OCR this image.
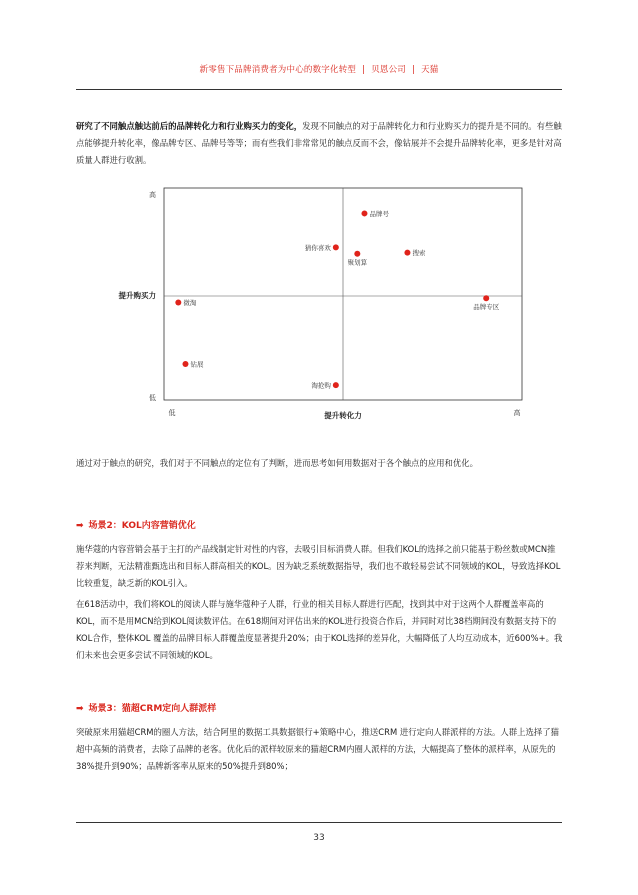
新零售下品牌消费者为中心的数字化转型 | 贝恩公司 | 天猫
研究了不同触点触达前后的品牌转化力和行业购买力的变化，发现不同触点的对于品牌转化力和行业购买力的提升是不同的。有些触点能够提升转化率，像品牌专区、品牌号等等；而有些我们非常常见的触点反而不会，像钻展并不会提升品牌转化率，更多是针对高质量人群进行收割。
高
低
低	高
提升转化力
提升购买力
品牌号
猜你喜欢
聚划算
搜索
品牌专区
微淘
钻展
淘抢购
通过对于触点的研究，我们对于不同触点的定位有了判断，进而思考如何用数据对于各个触点的应用和优化。
➡ 场景2：KOL内容营销优化
施华蔻的内容营销会基于主打的产品线制定针对性的内容，去吸引目标消费人群。但我们KOL的选择之前只能基于粉丝数或MCN推荐来判断，无法精准甄选出和目标人群高相关的KOL。因为缺乏系统数据指导，我们也不敢轻易尝试不同领域的KOL，导致选择KOL比较重复，缺乏新的KOL引入。
在618活动中，我们将KOL的阅读人群与施华蔻种子人群，行业的相关目标人群进行匹配，找到其中对于这两个人群覆盖率高的KOL，而不是用MCN给到KOL阅读数评估。在618期间对评估出来的KOL进行投资合作后，并同时对比38档期间没有数据支持下的KOL合作，整体KOL 覆盖的品牌目标人群覆盖度显著提升20%；由于KOL选择的差异化，大幅降低了人均互动成本，近600%+。我们未来也会更多尝试不同领域的KOL。
➡ 场景3：猫超CRM定向人群派样
突破原来用猫超CRM的圈人方法，结合阿里的数据工具数据银行+策略中心，推送CRM 进行定向人群派样的方法。人群上选择了猫超中高频的消费者，去除了品牌的老客。优化后的派样较原来的猫超CRM内圈人派样的方法，大幅提高了整体的派样率，从原先的38%提升到90%；品牌新客率从原来的50%提升到80%；
33
